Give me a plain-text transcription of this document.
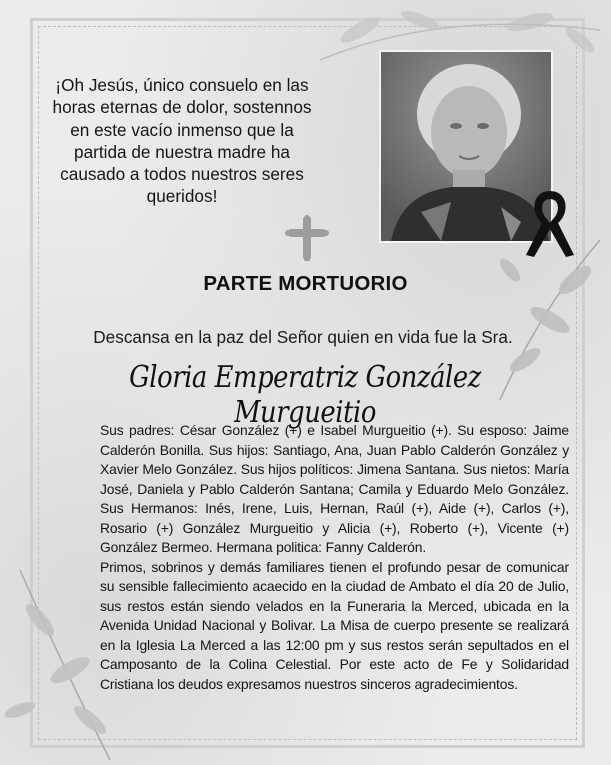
¡Oh Jesús, único consuelo en las horas eternas de dolor, sostennos en este vacío inmenso que la partida de nuestra madre ha causado a todos nuestros seres queridos!
PARTE MORTUORIO
Descansa en la paz del Señor quien en vida fue la Sra.
Gloria Emperatriz González Murgueitio

Sus padres: César González (+) e Isabel Murgueitio (+). Su esposo: Jaime Calderón Bonilla. Sus hijos: Santiago, Ana, Juan Pablo Calderón González y Xavier Melo González. Sus hijos políticos: Jimena Santana. Sus nietos: María José, Daniela y Pablo Calderón Santana; Camila y Eduardo Melo González. Sus Hermanos: Inés, Irene, Luis, Hernan, Raúl (+), Aide (+), Carlos (+), Rosario (+) González Murgueitio y Alicia (+), Roberto (+), Vicente (+) González Bermeo. Hermana politica: Fanny Calderón.

Primos, sobrinos y demás familiares tienen el profundo pesar de comunicar su sensible fallecimiento acaecido en la ciudad de Ambato el día 20 de Julio, sus restos están siendo velados en la Funeraria la Merced, ubicada en la Avenida Unidad Nacional y Bolivar. La Misa de cuerpo presente se realizará en la Iglesia La Merced a las 12:00 pm y sus restos serán sepultados en el Camposanto de la Colina Celestial. Por este acto de Fe y Solidaridad Cristiana los deudos expresamos nuestros sinceros agradecimientos.
